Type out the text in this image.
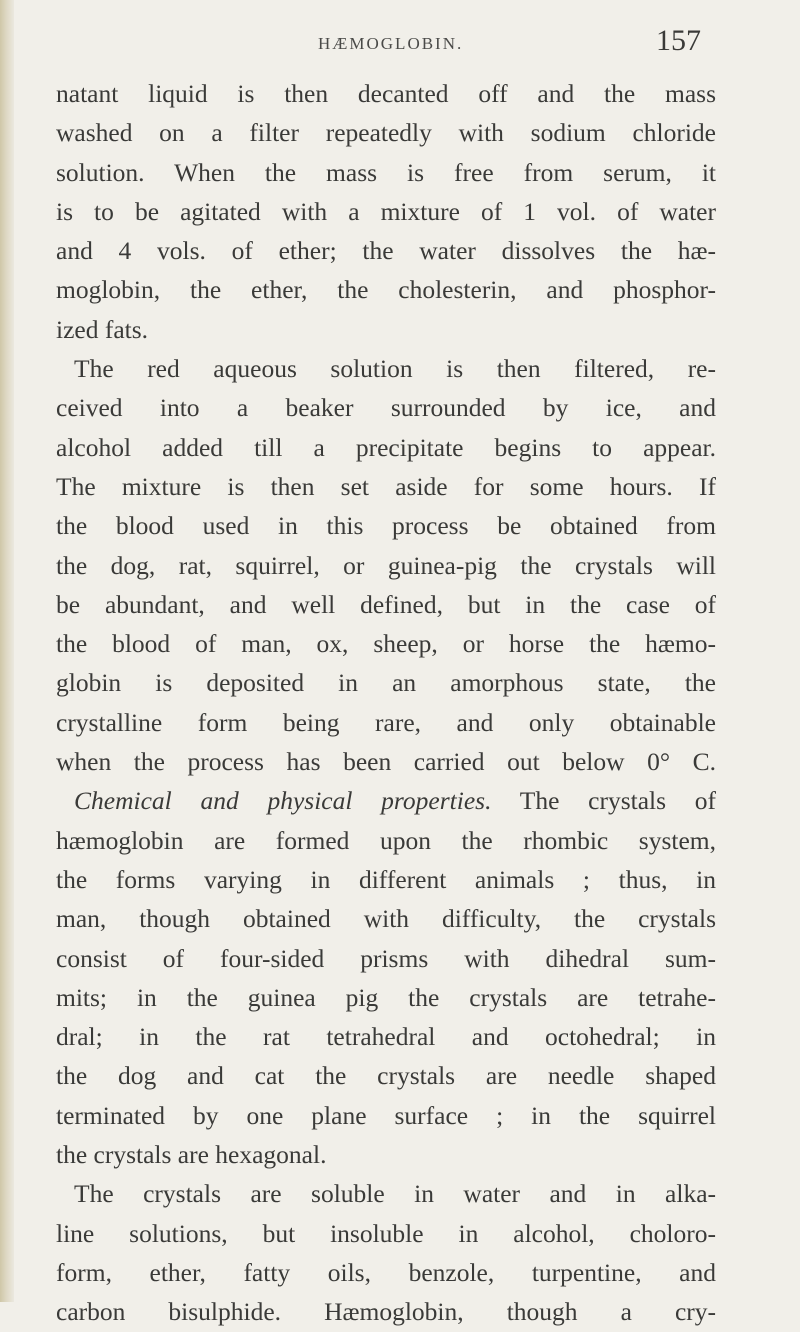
HÆMOGLOBIN.	157
natant liquid is then decanted off and the mass
washed on a filter repeatedly with sodium chloride
solution. When the mass is free from serum, it
is to be agitated with a mixture of 1 vol. of water
and 4 vols. of ether; the water dissolves the hæ-
moglobin, the ether, the cholesterin, and phosphor-
ized fats.
The red aqueous solution is then filtered, re-
ceived into a beaker surrounded by ice, and
alcohol added till a precipitate begins to appear.
The mixture is then set aside for some hours. If
the blood used in this process be obtained from
the dog, rat, squirrel, or guinea-pig the crystals will
be abundant, and well defined, but in the case of
the blood of man, ox, sheep, or horse the hæmo-
globin is deposited in an amorphous state, the
crystalline form being rare, and only obtainable
when the process has been carried out below 0° C.
Chemical and physical properties. The crystals of
hæmoglobin are formed upon the rhombic system,
the forms varying in different animals ; thus, in
man, though obtained with difficulty, the crystals
consist of four-sided prisms with dihedral sum-
mits; in the guinea pig the crystals are tetrahe-
dral; in the rat tetrahedral and octohedral; in
the dog and cat the crystals are needle shaped
terminated by one plane surface ; in the squirrel
the crystals are hexagonal.
The crystals are soluble in water and in alka-
line solutions, but insoluble in alcohol, choloro-
form, ether, fatty oils, benzole, turpentine, and
carbon bisulphide. Hæmoglobin, though a cry-
